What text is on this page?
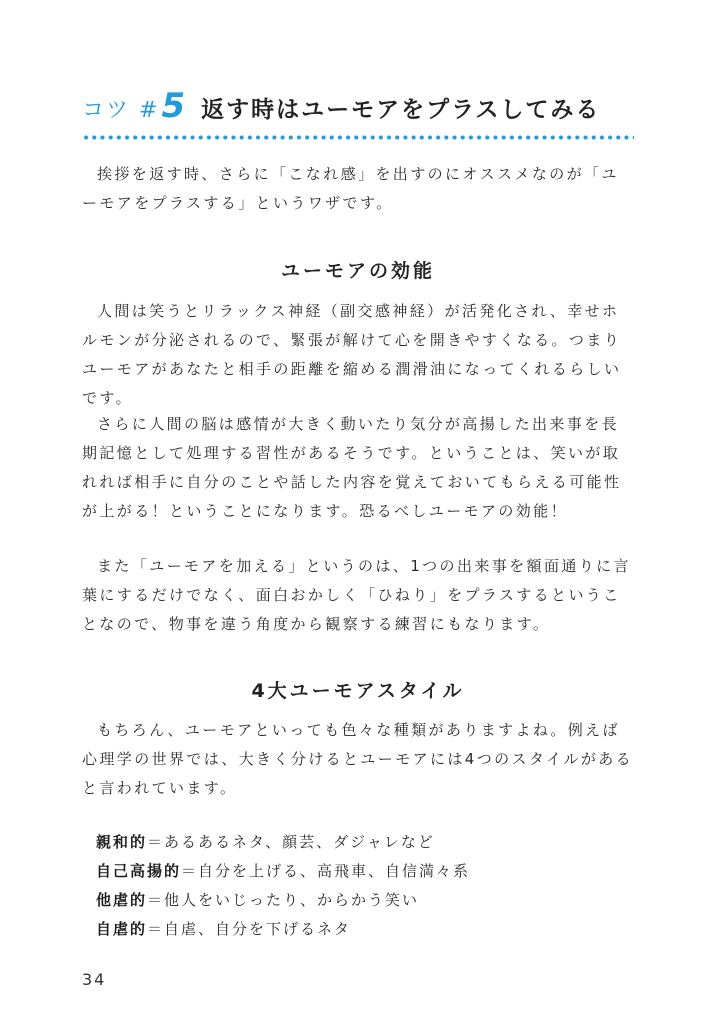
コツ #5 返す時はユーモアをプラスしてみる

挨拶を返す時、さらに「こなれ感」を出すのにオススメなのが「ユーモアをプラスする」というワザです。

ユーモアの効能

人間は笑うとリラックス神経（副交感神経）が活発化され、幸せホルモンが分泌されるので、緊張が解けて心を開きやすくなる。つまりユーモアがあなたと相手の距離を縮める潤滑油になってくれるらしいです。

さらに人間の脳は感情が大きく動いたり気分が高揚した出来事を長期記憶として処理する習性があるそうです。ということは、笑いが取れれば相手に自分のことや話した内容を覚えておいてもらえる可能性が上がる！ということになります。恐るべしユーモアの効能！

また「ユーモアを加える」というのは、1つの出来事を額面通りに言葉にするだけでなく、面白おかしく「ひねり」をプラスするということなので、物事を違う角度から観察する練習にもなります。

4大ユーモアスタイル

もちろん、ユーモアといっても色々な種類がありますよね。例えば心理学の世界では、大きく分けるとユーモアには4つのスタイルがあると言われています。

親和的＝あるあるネタ、顔芸、ダジャレなど
自己高揚的＝自分を上げる、高飛車、自信満々系
他虐的＝他人をいじったり、からかう笑い
自虐的＝自虐、自分を下げるネタ
34
